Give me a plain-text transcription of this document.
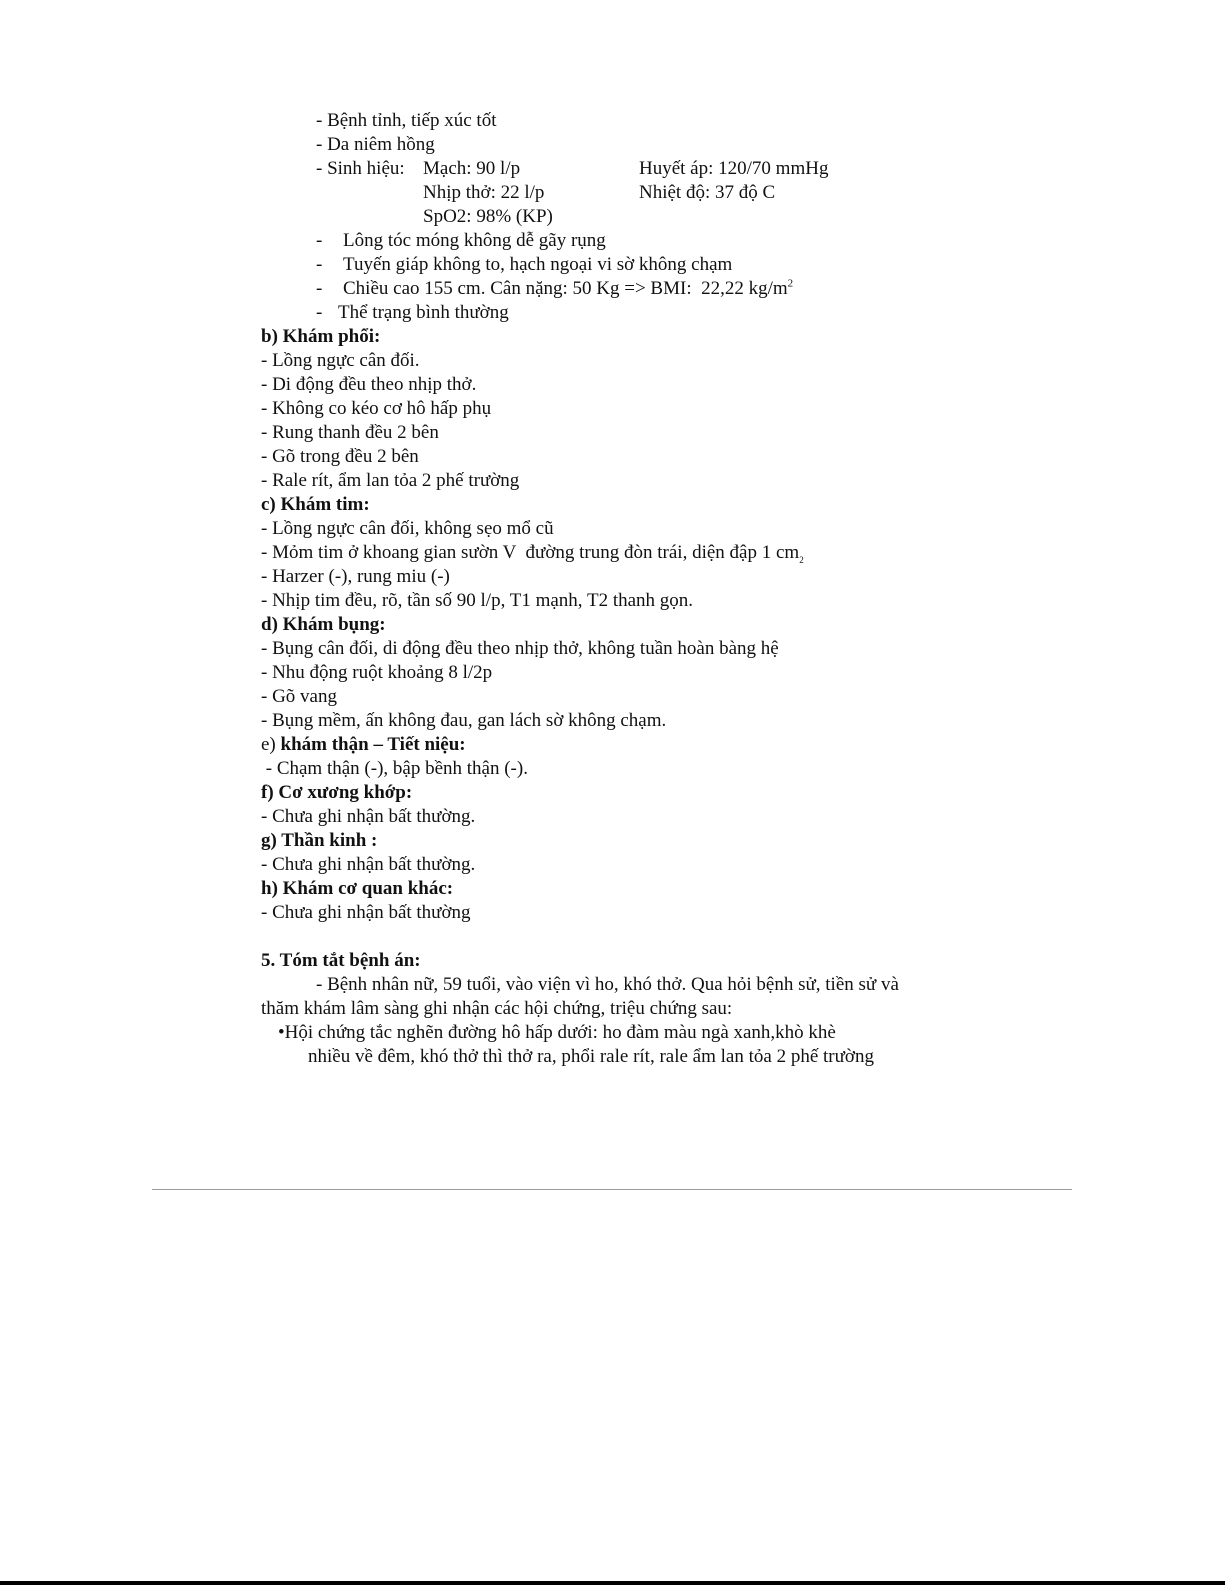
- Bệnh tỉnh, tiếp xúc tốt
- Da niêm hồng
- Sinh hiệu: Mạch: 90 l/p	Huyết áp: 120/70 mmHg
Nhịp thở: 22 l/p	Nhiệt độ: 37 độ C
SpO2: 98% (KP)
- Lông tóc móng không dễ gãy rụng
- Tuyến giáp không to, hạch ngoại vi sờ không chạm
- Chiều cao 155 cm. Cân nặng: 50 Kg => BMI:  22,22 $kg/m^2$
- Thể trạng bình thường
b) Khám phổi:
- Lồng ngực cân đối.
- Di động đều theo nhịp thở.
- Không co kéo cơ hô hấp phụ
- Rung thanh đều 2 bên
- Gõ trong đều 2 bên
- Rale rít, ẩm lan tỏa 2 phế trường
c) Khám tim:
- Lồng ngực cân đối, không sẹo mổ cũ
- Mỏm tim ở khoang gian sườn V  đường trung đòn trái, diện đập 1 $cm_2$
- Harzer (-), rung miu (-)
- Nhịp tim đều, rõ, tần số 90 l/p, T1 mạnh, T2 thanh gọn.
d) Khám bụng:
- Bụng cân đối, di động đều theo nhịp thở, không tuần hoàn bàng hệ
- Nhu động ruột khoảng 8 l/2p
- Gõ vang
- Bụng mềm, ấn không đau, gan lách sờ không chạm.
e) khám thận – Tiết niệu:
- Chạm thận (-), bập bềnh thận (-).
f) Cơ xương khớp:
- Chưa ghi nhận bất thường.
g) Thần kinh :
- Chưa ghi nhận bất thường.
h) Khám cơ quan khác:
- Chưa ghi nhận bất thường
5. Tóm tắt bệnh án:
- Bệnh nhân nữ, 59 tuổi, vào viện vì ho, khó thở. Qua hỏi bệnh sử, tiền sử và
thăm khám lâm sàng ghi nhận các hội chứng, triệu chứng sau:
•Hội chứng tắc nghẽn đường hô hấp dưới: ho đàm màu ngà xanh,khò khè
nhiều về đêm, khó thở thì thở ra, phổi rale rít, rale ẩm lan tỏa 2 phế trường
